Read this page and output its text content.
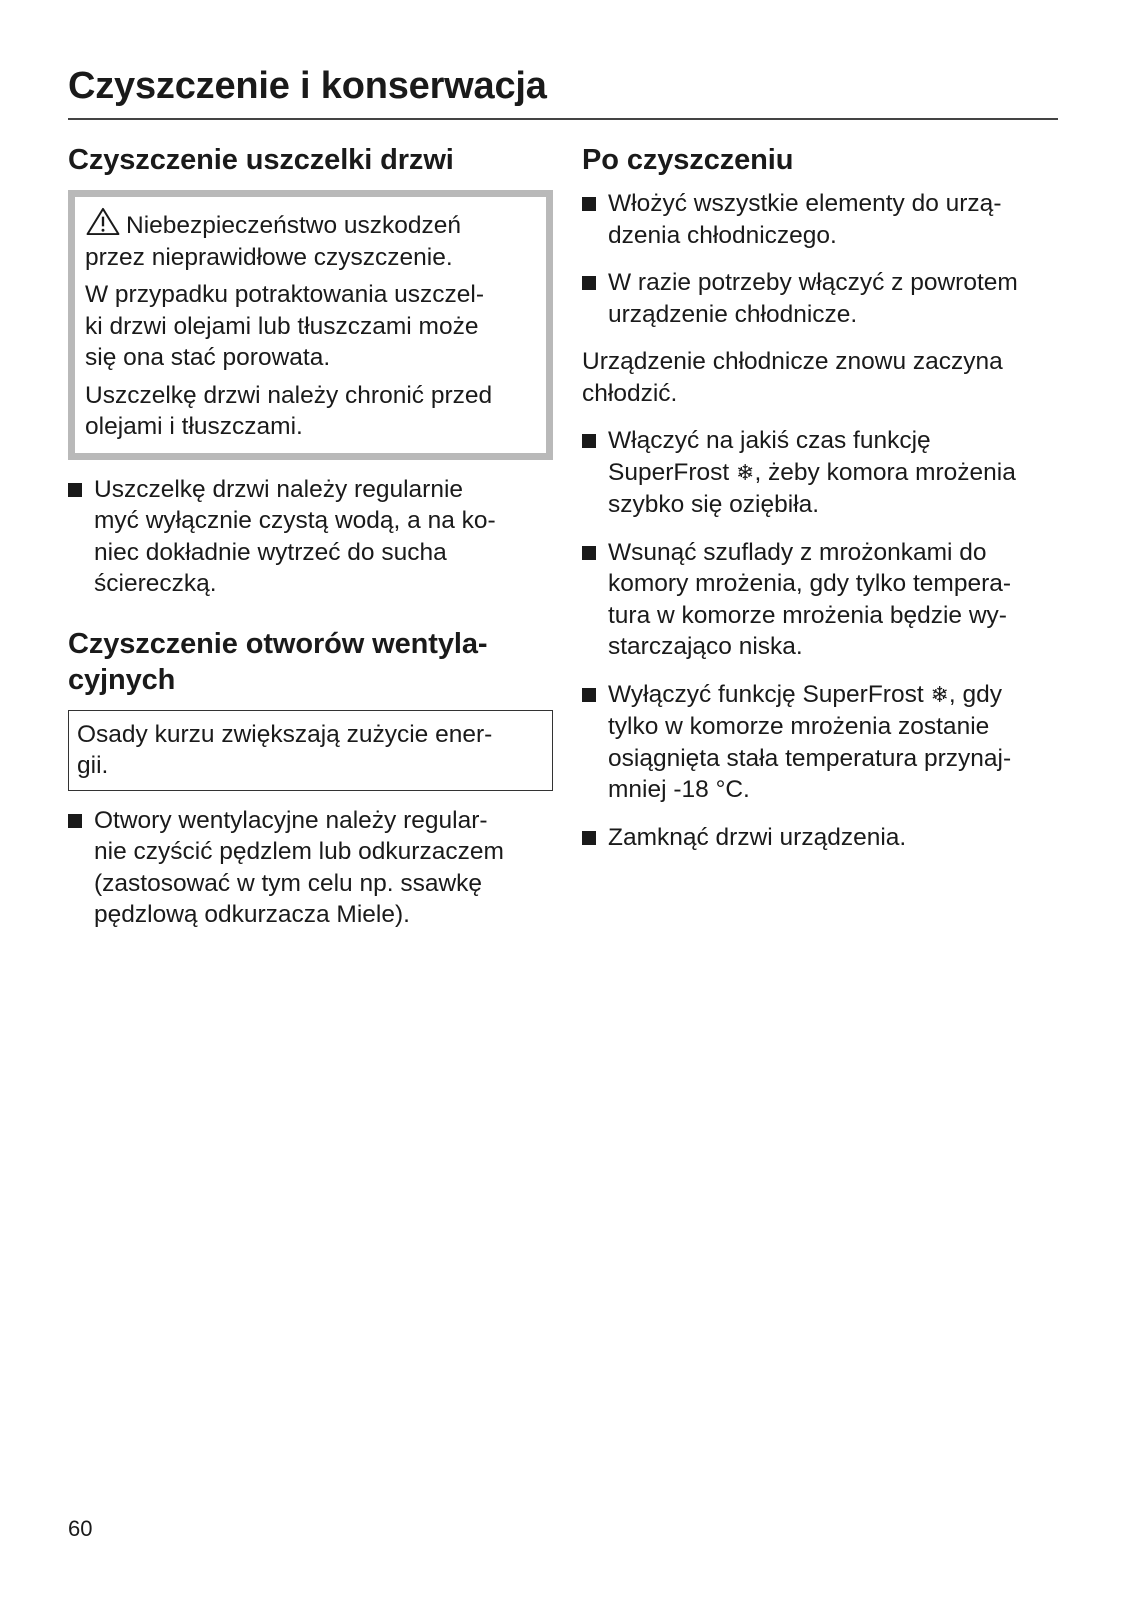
Czyszczenie i konserwacja
Czyszczenie uszczelki drzwi
Niebezpieczeństwo uszkodzeń
przez nieprawidłowe czyszczenie.
W przypadku potraktowania uszczel-
ki drzwi olejami lub tłuszczami może
się ona stać porowata.
Uszczelkę drzwi należy chronić przed
olejami i tłuszczami.
Uszczelkę drzwi należy regularnie
myć wyłącznie czystą wodą, a na ko-
niec dokładnie wytrzeć do sucha
ściereczką.
Czyszczenie otworów wentyla-
cyjnych
Osady kurzu zwiększają zużycie ener-
gii.
Otwory wentylacyjne należy regular-
nie czyścić pędzlem lub odkurzaczem
(zastosować w tym celu np. ssawkę
pędzlową odkurzacza Miele).
Po czyszczeniu
Włożyć wszystkie elementy do urzą-
dzenia chłodniczego.
W razie potrzeby włączyć z powrotem
urządzenie chłodnicze.
Urządzenie chłodnicze znowu zaczyna
chłodzić.
Włączyć na jakiś czas funkcję
SuperFrost ❄, żeby komora mrożenia
szybko się oziębiła.
Wsunąć szuflady z mrożonkami do
komory mrożenia, gdy tylko tempera-
tura w komorze mrożenia będzie wy-
starczająco niska.
Wyłączyć funkcję SuperFrost ❄, gdy
tylko w komorze mrożenia zostanie
osiągnięta stała temperatura przynaj-
mniej -18 °C.
Zamknąć drzwi urządzenia.
60
